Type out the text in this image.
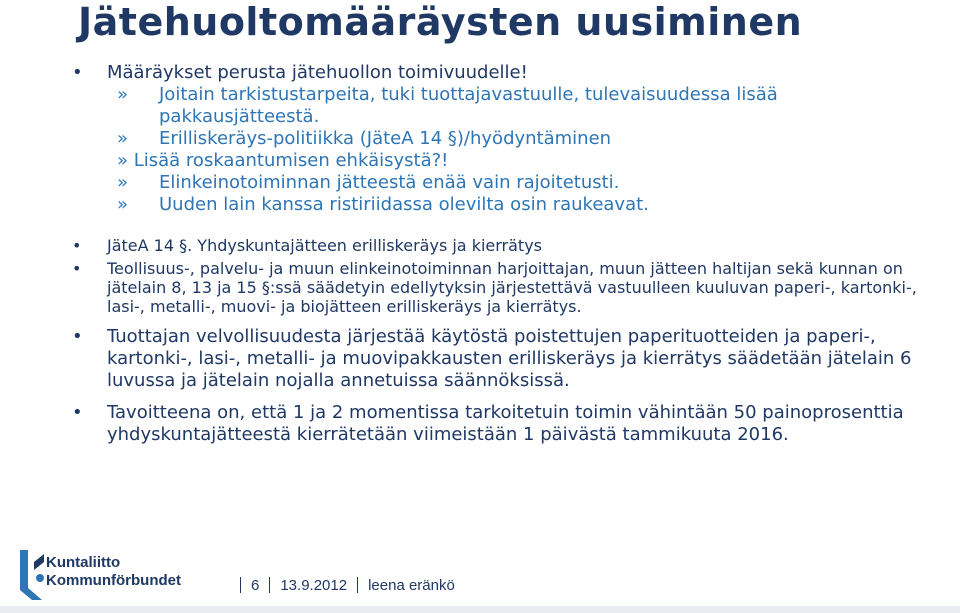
Jätehuoltomääräysten uusiminen
• Määräykset perusta jätehuollon toimivuudelle!
» Joitain tarkistustarpeita, tuki tuottajavastuulle, tulevaisuudessa lisää pakkausjätteestä.
» Erilliskeräys-politiikka (JäteA 14 §)/hyödyntäminen
» Lisää roskaantumisen ehkäisystä?!
» Elinkeinotoiminnan jätteestä enää vain rajoitetusti.
» Uuden lain kanssa ristiriidassa olevilta osin raukeavat.
• JäteA 14 §. Yhdyskuntajätteen erilliskeräys ja kierrätys
• Teollisuus-, palvelu- ja muun elinkeinotoiminnan harjoittajan, muun jätteen haltijan sekä kunnan on jätelain 8, 13 ja 15 §:ssä säädetyin edellytyksin järjestettävä vastuulleen kuuluvan paperi-, kartonki-, lasi-, metalli-, muovi- ja biojätteen erilliskeräys ja kierrätys.
• Tuottajan velvollisuudesta järjestää käytöstä poistettujen paperituotteiden ja paperi-, kartonki-, lasi-, metalli- ja muovipakkausten erilliskeräys ja kierrätys säädetään jätelain 6 luvussa ja jätelain nojalla annetuissa säännöksissä.
• Tavoitteena on, että 1 ja 2 momentissa tarkoitetuin toimin vähintään 50 painoprosenttia yhdyskuntajätteestä kierrätetään viimeistään 1 päivästä tammikuuta 2016.
Kuntaliitto
Kommunförbundet	6 13.9.2012 leena eränkö
